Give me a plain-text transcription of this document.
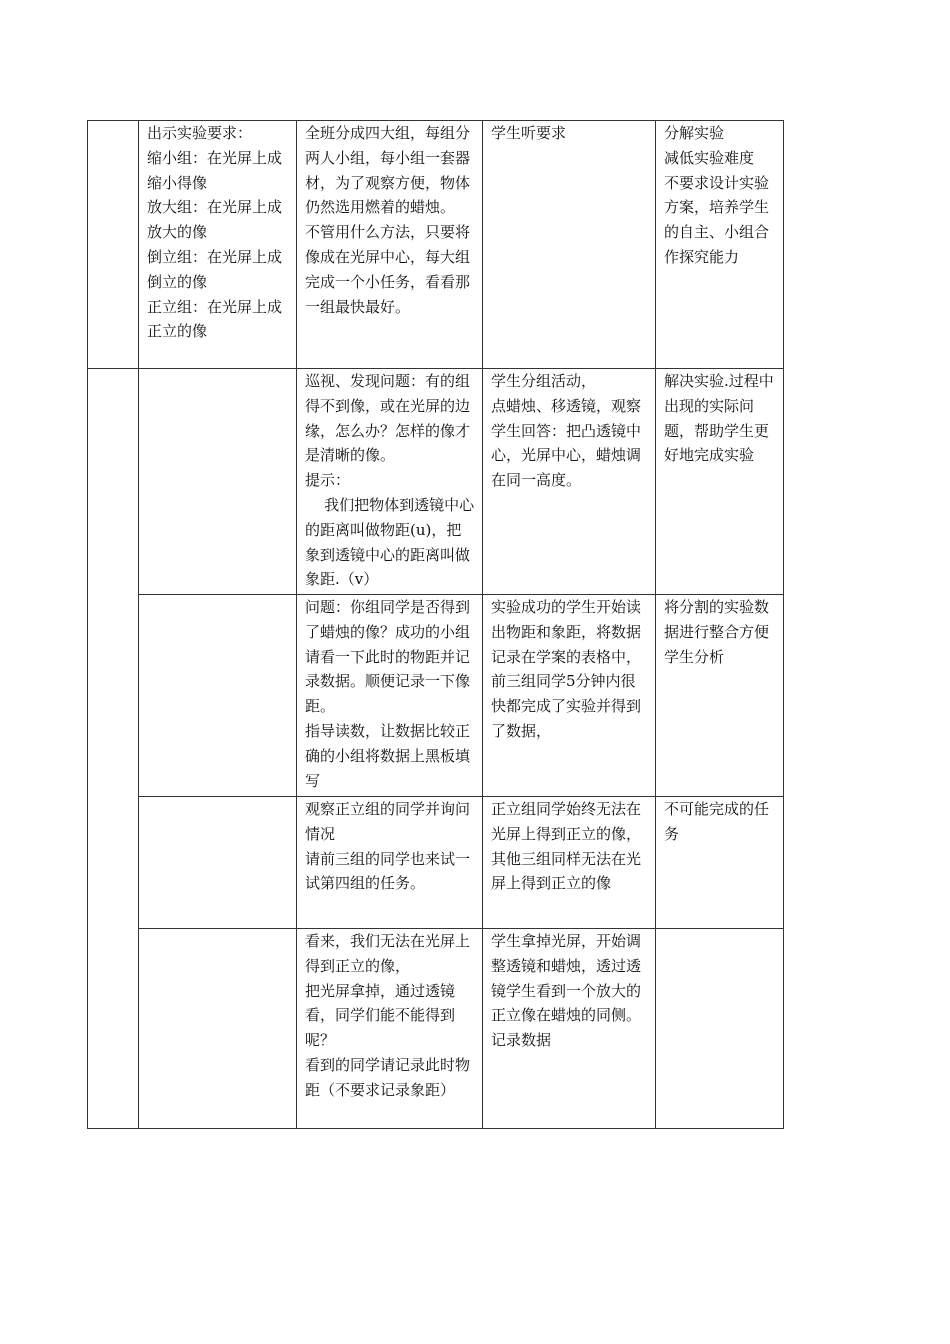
	出示实验要求：
缩小组：在光屏上成缩小得像
放大组：在光屏上成放大的像
倒立组：在光屏上成倒立的像
正立组：在光屏上成正立的像	全班分成四大组，每组分两人小组，每小组一套器材，为了观察方便，物体仍然选用燃着的蜡烛。
不管用什么方法，只要将像成在光屏中心，每大组完成一个小任务，看看那一组最快最好。	学生听要求	分解实验
减低实验难度
不要求设计实验方案，培养学生的自主、小组合作探究能力

		巡视、发现问题：有的组得不到像，或在光屏的边缘，怎么办？怎样的像才是清晰的像。
提示：
我们把物体到透镜中心的距离叫做物距(u)，把象到透镜中心的距离叫做象距.（v）	学生分组活动，
点蜡烛、移透镜，观察
学生回答：把凸透镜中心，光屏中心，蜡烛调在同一高度。	解决实验.过程中出现的实际问题，帮助学生更好地完成实验

		问题：你组同学是否得到了蜡烛的像？成功的小组请看一下此时的物距并记录数据。顺便记录一下像距。
指导读数，让数据比较正确的小组将数据上黑板填写	实验成功的学生开始读出物距和象距，将数据记录在学案的表格中，
前三组同学5分钟内很快都完成了实验并得到了数据，	将分割的实验数据进行整合方便学生分析

		观察正立组的同学并询问情况
请前三组的同学也来试一试第四组的任务。	正立组同学始终无法在光屏上得到正立的像，
其他三组同样无法在光屏上得到正立的像	不可能完成的任务

		看来，我们无法在光屏上得到正立的像，
把光屏拿掉，通过透镜看，同学们能不能得到呢？
看到的同学请记录此时物距（不要求记录象距）	学生拿掉光屏，开始调整透镜和蜡烛，透过透镜学生看到一个放大的正立像在蜡烛的同侧。记录数据	
